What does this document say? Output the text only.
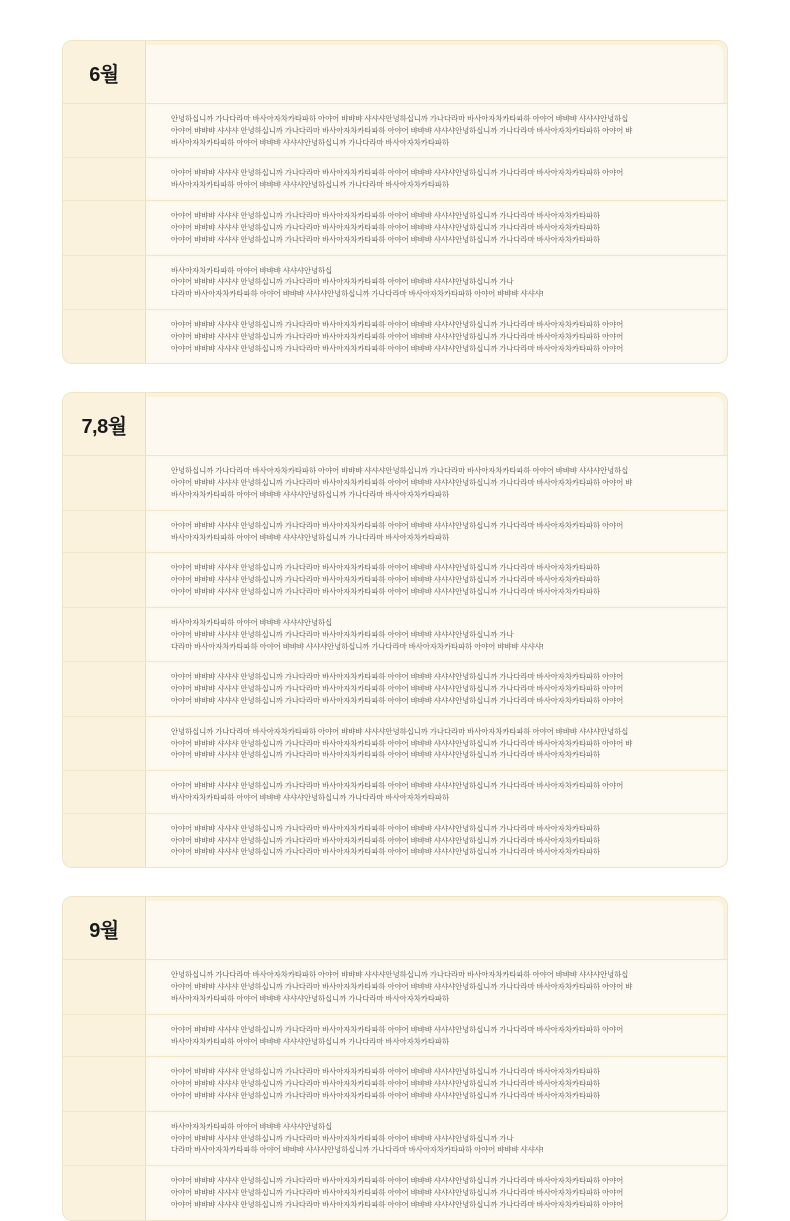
6월

안녕하십니까 가나다라마 바사아자차카타파하 아야어 뱌뱌뱌 샤샤샤안녕하십니까 가나다라마 바사아자차카타파하 아야어 뱌뱌뱌 샤샤샤안녕하십

아야어 뱌뱌뱌 샤샤샤 안녕하십니까 가나다라마 바사아자차카타파하 아야어 뱌뱌뱌 샤샤샤안녕하십니까 가나다라마 바사아자차카타파하 아야어 뱌

바사아자차카타파하 아야어 뱌뱌뱌 샤샤샤안녕하십니까 가나다라마 바사아자차카타파하

아야어 뱌뱌뱌 샤샤샤 안녕하십니까 가나다라마 바사아자차카타파하 아야어 뱌뱌뱌 샤샤샤안녕하십니까 가나다라마 바사아자차카타파하 아야어

바사아자차카타파하 아야어 뱌뱌뱌 샤샤샤안녕하십니까 가나다라마 바사아자차카타파하

아야어 뱌뱌뱌 샤샤샤 안녕하십니까 가나다라마 바사아자차카타파하 아야어 뱌뱌뱌 샤샤샤안녕하십니까 가나다라마 바사아자차카타파하

아야어 뱌뱌뱌 샤샤샤 안녕하십니까 가나다라마 바사아자차카타파하 아야어 뱌뱌뱌 샤샤샤안녕하십니까 가나다라마 바사아자차카타파하

아야어 뱌뱌뱌 샤샤샤 안녕하십니까 가나다라마 바사아자차카타파하 아야어 뱌뱌뱌 샤샤샤안녕하십니까 가나다라마 바사아자차카타파하

바사아자차카타파하 아야어 뱌뱌뱌 샤샤샤안녕하십

아야어 뱌뱌뱌 샤샤샤 안녕하십니까 가나다라마 바사아자차카타파하 아야어 뱌뱌뱌 샤샤샤안녕하십니까 가나

다라마 바사아자차카타파하 아야어 뱌뱌뱌 샤샤샤안녕하십니까 가나다라마 바사아자차카타파하 아야어 뱌뱌뱌 샤샤샤!

아야어 뱌뱌뱌 샤샤샤 안녕하십니까 가나다라마 바사아자차카타파하 아야어 뱌뱌뱌 샤샤샤안녕하십니까 가나다라마 바사아자차카타파하 아야어

아야어 뱌뱌뱌 샤샤샤 안녕하십니까 가나다라마 바사아자차카타파하 아야어 뱌뱌뱌 샤샤샤안녕하십니까 가나다라마 바사아자차카타파하 아야어

아야어 뱌뱌뱌 샤샤샤 안녕하십니까 가나다라마 바사아자차카타파하 아야어 뱌뱌뱌 샤샤샤안녕하십니까 가나다라마 바사아자차카타파하 아야어

7,8월

안녕하십니까 가나다라마 바사아자차카타파하 아야어 뱌뱌뱌 샤샤샤안녕하십니까 가나다라마 바사아자차카타파하 아야어 뱌뱌뱌 샤샤샤안녕하십

아야어 뱌뱌뱌 샤샤샤 안녕하십니까 가나다라마 바사아자차카타파하 아야어 뱌뱌뱌 샤샤샤안녕하십니까 가나다라마 바사아자차카타파하 아야어 뱌

바사아자차카타파하 아야어 뱌뱌뱌 샤샤샤안녕하십니까 가나다라마 바사아자차카타파하

아야어 뱌뱌뱌 샤샤샤 안녕하십니까 가나다라마 바사아자차카타파하 아야어 뱌뱌뱌 샤샤샤안녕하십니까 가나다라마 바사아자차카타파하 아야어

바사아자차카타파하 아야어 뱌뱌뱌 샤샤샤안녕하십니까 가나다라마 바사아자차카타파하

아야어 뱌뱌뱌 샤샤샤 안녕하십니까 가나다라마 바사아자차카타파하 아야어 뱌뱌뱌 샤샤샤안녕하십니까 가나다라마 바사아자차카타파하

아야어 뱌뱌뱌 샤샤샤 안녕하십니까 가나다라마 바사아자차카타파하 아야어 뱌뱌뱌 샤샤샤안녕하십니까 가나다라마 바사아자차카타파하

아야어 뱌뱌뱌 샤샤샤 안녕하십니까 가나다라마 바사아자차카타파하 아야어 뱌뱌뱌 샤샤샤안녕하십니까 가나다라마 바사아자차카타파하

바사아자차카타파하 아야어 뱌뱌뱌 샤샤샤안녕하십

아야어 뱌뱌뱌 샤샤샤 안녕하십니까 가나다라마 바사아자차카타파하 아야어 뱌뱌뱌 샤샤샤안녕하십니까 가나

다라마 바사아자차카타파하 아야어 뱌뱌뱌 샤샤샤안녕하십니까 가나다라마 바사아자차카타파하 아야어 뱌뱌뱌 샤샤샤!

아야어 뱌뱌뱌 샤샤샤 안녕하십니까 가나다라마 바사아자차카타파하 아야어 뱌뱌뱌 샤샤샤안녕하십니까 가나다라마 바사아자차카타파하 아야어

아야어 뱌뱌뱌 샤샤샤 안녕하십니까 가나다라마 바사아자차카타파하 아야어 뱌뱌뱌 샤샤샤안녕하십니까 가나다라마 바사아자차카타파하 아야어

아야어 뱌뱌뱌 샤샤샤 안녕하십니까 가나다라마 바사아자차카타파하 아야어 뱌뱌뱌 샤샤샤안녕하십니까 가나다라마 바사아자차카타파하 아야어

안녕하십니까 가나다라마 바사아자차카타파하 아야어 뱌뱌뱌 샤샤샤안녕하십니까 가나다라마 바사아자차카타파하 아야어 뱌뱌뱌 샤샤샤안녕하십

아야어 뱌뱌뱌 샤샤샤 안녕하십니까 가나다라마 바사아자차카타파하 아야어 뱌뱌뱌 샤샤샤안녕하십니까 가나다라마 바사아자차카타파하 아야어 뱌

아야어 뱌뱌뱌 샤샤샤 안녕하십니까 가나다라마 바사아자차카타파하 아야어 뱌뱌뱌 샤샤샤안녕하십니까 가나다라마 바사아자차카타파하

아야어 뱌뱌뱌 샤샤샤 안녕하십니까 가나다라마 바사아자차카타파하 아야어 뱌뱌뱌 샤샤샤안녕하십니까 가나다라마 바사아자차카타파하 아야어

바사아자차카타파하 아야어 뱌뱌뱌 샤샤샤안녕하십니까 가나다라마 바사아자차카타파하

아야어 뱌뱌뱌 샤샤샤 안녕하십니까 가나다라마 바사아자차카타파하 아야어 뱌뱌뱌 샤샤샤안녕하십니까 가나다라마 바사아자차카타파하

아야어 뱌뱌뱌 샤샤샤 안녕하십니까 가나다라마 바사아자차카타파하 아야어 뱌뱌뱌 샤샤샤안녕하십니까 가나다라마 바사아자차카타파하

아야어 뱌뱌뱌 샤샤샤 안녕하십니까 가나다라마 바사아자차카타파하 아야어 뱌뱌뱌 샤샤샤안녕하십니까 가나다라마 바사아자차카타파하

9월

안녕하십니까 가나다라마 바사아자차카타파하 아야어 뱌뱌뱌 샤샤샤안녕하십니까 가나다라마 바사아자차카타파하 아야어 뱌뱌뱌 샤샤샤안녕하십

아야어 뱌뱌뱌 샤샤샤 안녕하십니까 가나다라마 바사아자차카타파하 아야어 뱌뱌뱌 샤샤샤안녕하십니까 가나다라마 바사아자차카타파하 아야어 뱌

바사아자차카타파하 아야어 뱌뱌뱌 샤샤샤안녕하십니까 가나다라마 바사아자차카타파하

아야어 뱌뱌뱌 샤샤샤 안녕하십니까 가나다라마 바사아자차카타파하 아야어 뱌뱌뱌 샤샤샤안녕하십니까 가나다라마 바사아자차카타파하 아야어

바사아자차카타파하 아야어 뱌뱌뱌 샤샤샤안녕하십니까 가나다라마 바사아자차카타파하

아야어 뱌뱌뱌 샤샤샤 안녕하십니까 가나다라마 바사아자차카타파하 아야어 뱌뱌뱌 샤샤샤안녕하십니까 가나다라마 바사아자차카타파하

아야어 뱌뱌뱌 샤샤샤 안녕하십니까 가나다라마 바사아자차카타파하 아야어 뱌뱌뱌 샤샤샤안녕하십니까 가나다라마 바사아자차카타파하

아야어 뱌뱌뱌 샤샤샤 안녕하십니까 가나다라마 바사아자차카타파하 아야어 뱌뱌뱌 샤샤샤안녕하십니까 가나다라마 바사아자차카타파하

바사아자차카타파하 아야어 뱌뱌뱌 샤샤샤안녕하십

아야어 뱌뱌뱌 샤샤샤 안녕하십니까 가나다라마 바사아자차카타파하 아야어 뱌뱌뱌 샤샤샤안녕하십니까 가나

다라마 바사아자차카타파하 아야어 뱌뱌뱌 샤샤샤안녕하십니까 가나다라마 바사아자차카타파하 아야어 뱌뱌뱌 샤샤샤!

아야어 뱌뱌뱌 샤샤샤 안녕하십니까 가나다라마 바사아자차카타파하 아야어 뱌뱌뱌 샤샤샤안녕하십니까 가나다라마 바사아자차카타파하 아야어

아야어 뱌뱌뱌 샤샤샤 안녕하십니까 가나다라마 바사아자차카타파하 아야어 뱌뱌뱌 샤샤샤안녕하십니까 가나다라마 바사아자차카타파하 아야어

아야어 뱌뱌뱌 샤샤샤 안녕하십니까 가나다라마 바사아자차카타파하 아야어 뱌뱌뱌 샤샤샤안녕하십니까 가나다라마 바사아자차카타파하 아야어
